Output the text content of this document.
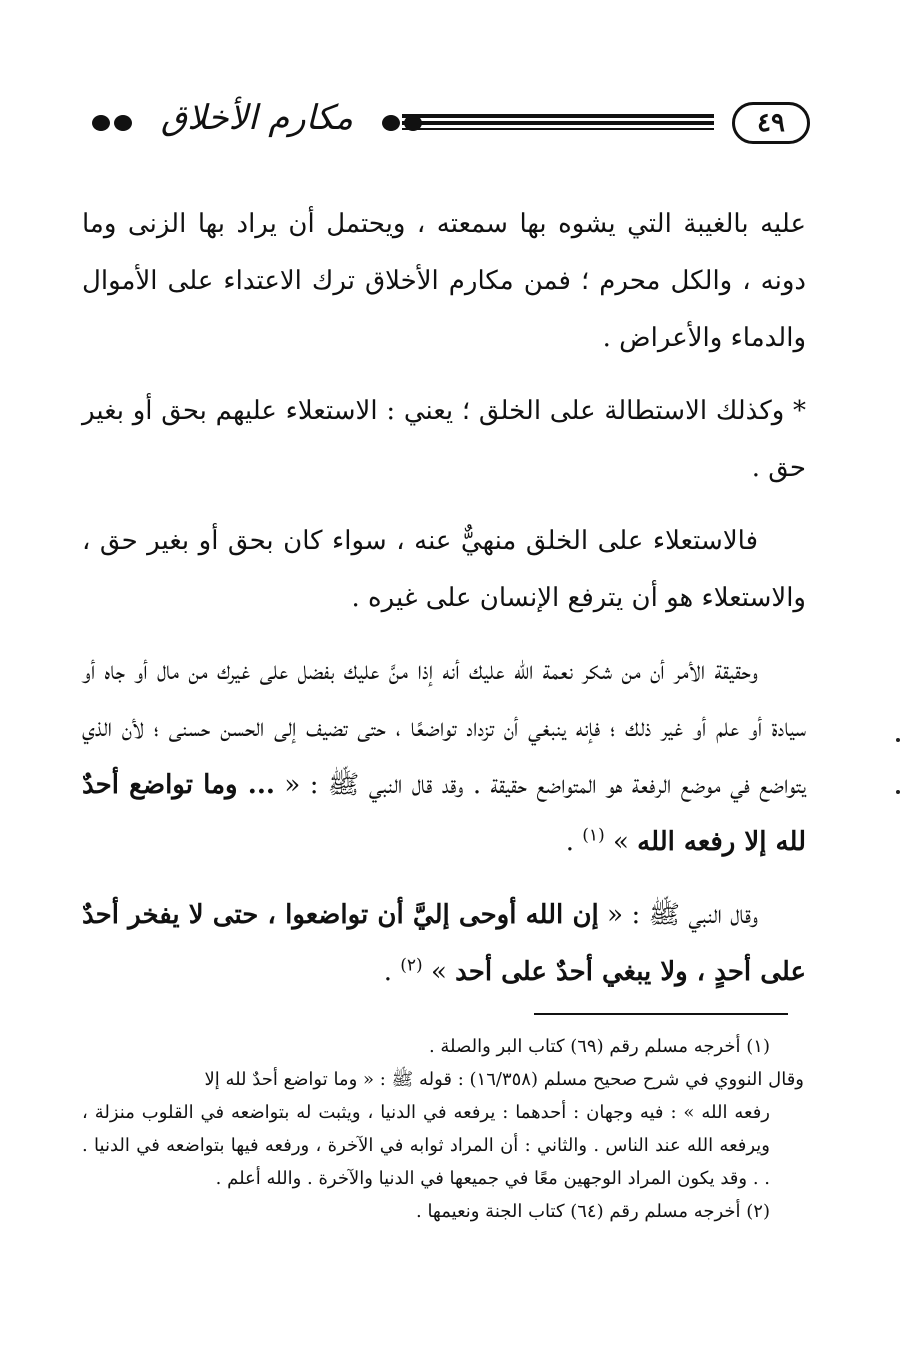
٤٩
مكارم الأخلاق

عليه بالغيبة التي يشوه بها سمعته ، ويحتمل أن يراد بها الزنى وما دونه ، والكل محرم ؛ فمن مكارم الأخلاق ترك الاعتداء على الأموال والدماء والأعراض .

* وكذلك الاستطالة على الخلق ؛ يعني : الاستعلاء عليهم بحق أو بغير حق .

فالاستعلاء على الخلق منهيٌّ عنه ، سواء كان بحق أو بغير حق ، والاستعلاء هو أن يترفع الإنسان على غيره .

وحقيقة الأمر أن من شكر نعمة الله عليك أنه إذا منَّ عليك بفضل على غيرك من مال أو جاه أو سيادة أو علم أو غير ذلك ؛ فإنه ينبغي أن تزداد تواضعًا ، حتى تضيف إلى الحسن حسنى ؛ لأن الذي يتواضع في موضع الرفعة هو المتواضع حقيقة . وقد قال النبي ﷺ : « ... وما تواضع أحدٌ لله إلا رفعه الله » $^{(١)}$ .

وقال النبي ﷺ : « إن الله أوحى إليَّ أن تواضعوا ، حتى لا يفخر أحدٌ على أحدٍ ، ولا يبغي أحدٌ على أحد » $^{(٢)}$ .

(١) أخرجه مسلم رقم (٦٩) كتاب البر والصلة .

وقال النووي في شرح صحيح مسلم (١٦/٣٥٨) : قوله ﷺ : « وما تواضع أحدٌ لله إلا

رفعه الله » : فيه وجهان : أحدهما : يرفعه في الدنيا ، ويثبت له بتواضعه في القلوب منزلة ، ويرفعه الله عند الناس . والثاني : أن المراد ثوابه في الآخرة ، ورفعه فيها بتواضعه في الدنيا . . . وقد يكون المراد الوجهين معًا في جميعها في الدنيا والآخرة . والله أعلم .

(٢) أخرجه مسلم رقم (٦٤) كتاب الجنة ونعيمها .
